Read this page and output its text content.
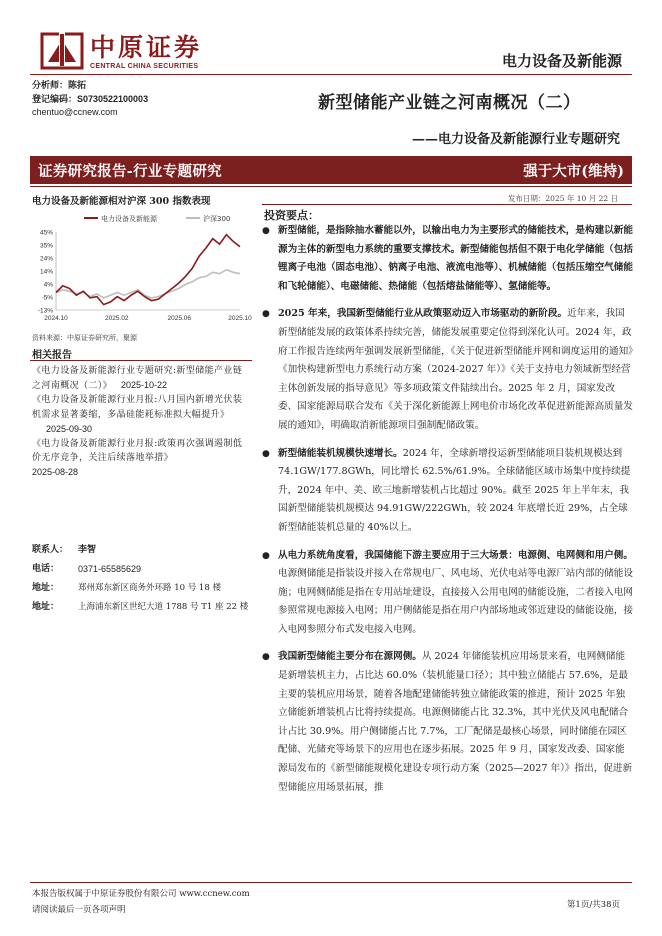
中原证券
CENTRAL CHINA SECURITIES	电力设备及新能源
分析师：陈拓
登记编码：S0730522100003
chentuo@ccnew.com	新型储能产业链之河南概况（二）
——电力设备及新能源行业专题研究
证券研究报告-行业专题研究	强于大市(维持)
电力设备及新能源相对沪深 300 指数表现
电力设备及新能源	沪深300
45%
35%
24%
14%
4%
-5%
-13%
2024.10	2025.02	2025.06	2025.10
资料来源：中原证券研究所，聚源
相关报告
《电力设备及新能源行业专题研究:新型储能产业链之河南概况（二）》 2025-10-22
《电力设备及新能源行业月报:八月国内新增光伏装机需求显著萎缩，多晶硅能耗标准拟大幅提升》
2025-09-30
《电力设备及新能源行业月报:政策再次强调遏制低价无序竞争，关注后续落地举措》
2025-08-28
联系人：	李智
电话：	0371-65585629
地址：	郑州郑东新区商务外环路 10 号 18 楼
地址：	上海浦东新区世纪大道 1788 号 T1 座 22 楼
发布日期：2025 年 10 月 22 日
投资要点：
● 新型储能，是指除抽水蓄能以外，以输出电力为主要形式的储能技术，是构建以新能源为主体的新型电力系统的重要支撑技术。新型储能包括但不限于电化学储能（包括锂离子电池（固态电池）、钠离子电池、液流电池等）、机械储能（包括压缩空气储能和飞轮储能）、电磁储能、热储能（包括熔盐储能等）、氢储能等。
● 2025 年来，我国新型储能行业从政策驱动迈入市场驱动的新阶段。近年来，我国新型储能发展的政策体系持续完善，储能发展重要定位得到深化认可。2024 年，政府工作报告连续两年强调发展新型储能，《关于促进新型储能并网和调度运用的通知》《加快构建新型电力系统行动方案（2024-2027 年）》《关于支持电力领域新型经营主体创新发展的指导意见》等多项政策文件陆续出台。2025 年 2 月，国家发改委、国家能源局联合发布《关于深化新能源上网电价市场化改革促进新能源高质量发展的通知》，明确取消新能源项目强制配储政策。
● 新型储能装机规模快速增长。2024 年，全球新增投运新型储能项目装机规模达到 74.1GW/177.8GWh，同比增长 62.5%/61.9%。全球储能区域市场集中度持续提升，2024 年中、美、欧三地新增装机占比超过 90%。截至 2025 年上半年末，我国新型储能装机规模达 94.91GW/222GWh，较 2024 年底增长近 29%，占全球新型储能装机总量的 40%以上。
● 从电力系统角度看，我国储能下游主要应用于三大场景：电源侧、电网侧和用户侧。电源侧储能是指装设并接入在常规电厂、风电场、光伏电站等电源厂站内部的储能设施；电网侧储能是指在专用站址建设，直接接入公用电网的储能设施，二者接入电网参照常规电源接入电网；用户侧储能是指在用户内部场地或邻近建设的储能设施，接入电网参照分布式发电接入电网。
● 我国新型储能主要分布在源网侧。从 2024 年储能装机应用场景来看，电网侧储能是新增装机主力，占比达 60.0%（装机能量口径）；其中独立储能占 57.6%，是最主要的装机应用场景，随着各地配建储能转独立储能政策的推进，预计 2025 年独立储能新增装机占比将持续提高。电源侧储能占比 32.3%，其中光伏及风电配储合计占比 30.9%。用户侧储能占比 7.7%，工厂配储是最核心场景，同时储能在园区配储、光储充等场景下的应用也在逐步拓展。2025 年 9 月，国家发改委、国家能源局发布的《新型储能规模化建设专项行动方案（2025—2027 年）》指出，促进新型储能应用场景拓展，推
本报告版权属于中原证券股份有限公司 www.ccnew.com
请阅读最后一页各项声明	第1页/共38页
